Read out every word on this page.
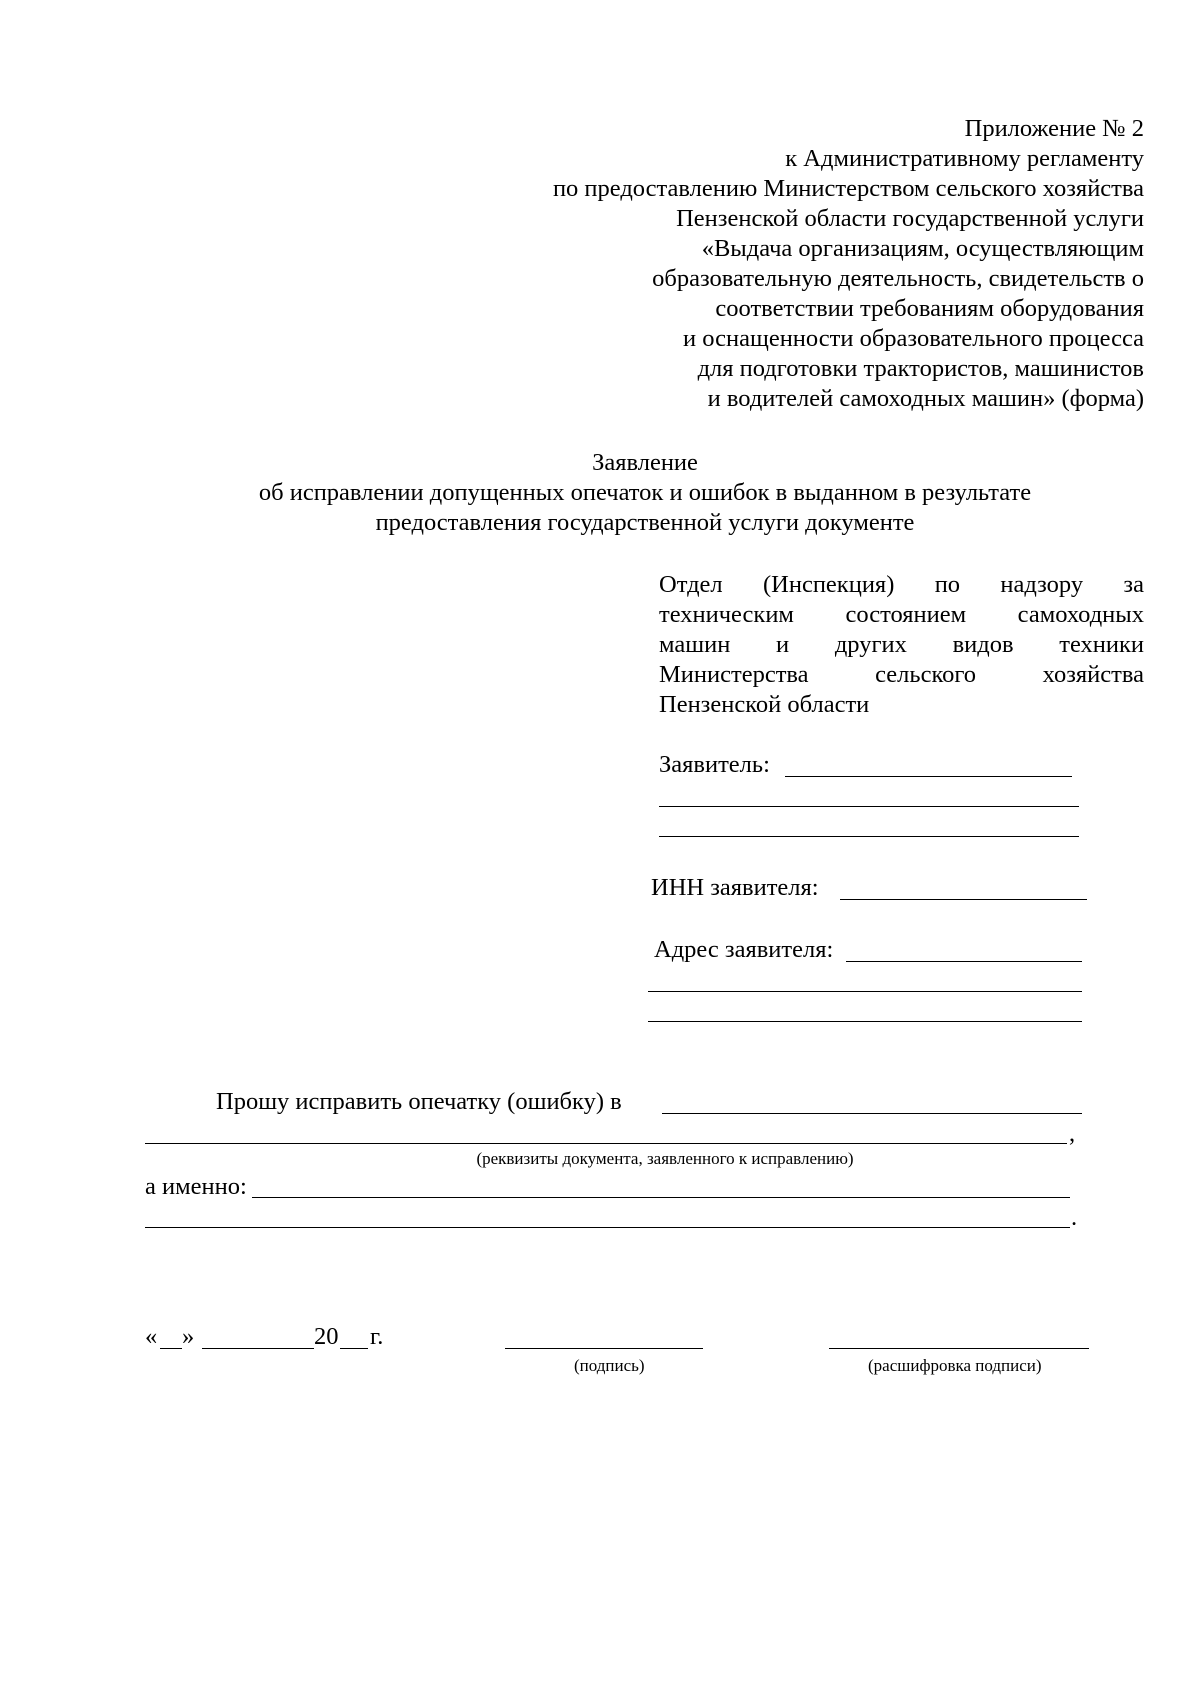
Приложение № 2
к Административному регламенту
по предоставлению Министерством сельского хозяйства
Пензенской области государственной услуги
«Выдача организациям, осуществляющим
образовательную деятельность, свидетельств о
соответствии требованиям оборудования
и оснащенности образовательного процесса
для подготовки трактористов, машинистов
и водителей самоходных машин» (форма)
Заявление
об исправлении допущенных опечаток и ошибок в выданном в результате
предоставления государственной услуги документе
Отдел (Инспекция) по надзору за
техническим состоянием самоходных
машин и других видов техники
Министерства сельского хозяйства
Пензенской области
Заявитель:
ИНН заявителя:
Адрес заявителя:
Прошу исправить опечатку (ошибку) в
,
(реквизиты документа, заявленного к исправлению)
а именно:
.
« »	20 г.
(подпись)	(расшифровка подписи)
